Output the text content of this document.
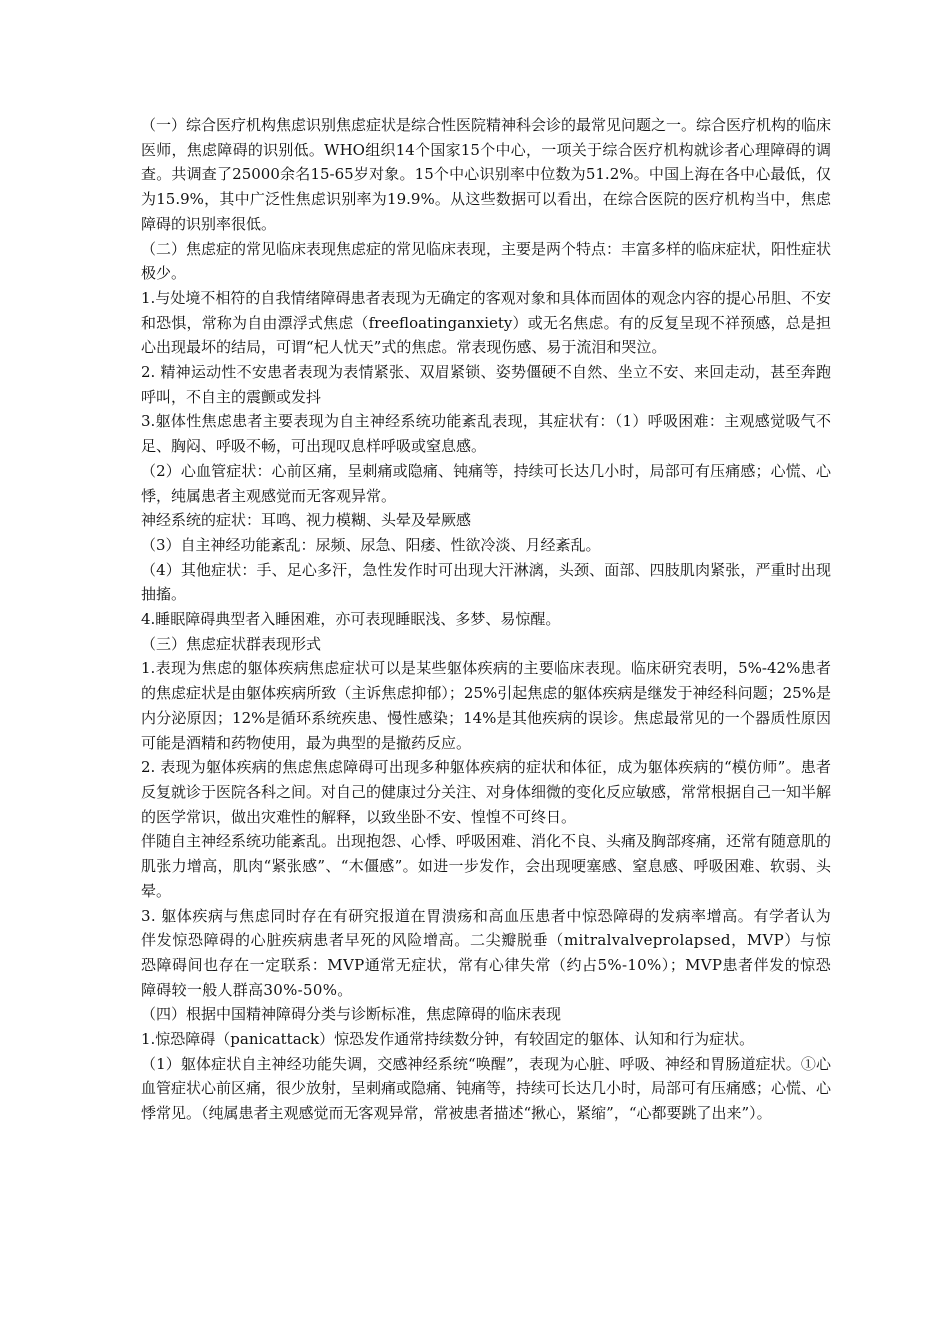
（一）综合医疗机构焦虑识别焦虑症状是综合性医院精神科会诊的最常见问题之一。综合医疗机构的临床医师，焦虑障碍的识别低。WHO组织14个国家15个中心，一项关于综合医疗机构就诊者心理障碍的调查。共调查了25000余名15-65岁对象。15个中心识别率中位数为51.2%。中国上海在各中心最低，仅为15.9%，其中广泛性焦虑识别率为19.9%。从这些数据可以看出，在综合医院的医疗机构当中，焦虑障碍的识别率很低。

（二）焦虑症的常见临床表现焦虑症的常见临床表现，主要是两个特点：丰富多样的临床症状，阳性症状极少。

1.与处境不相符的自我情绪障碍患者表现为无确定的客观对象和具体而固体的观念内容的提心吊胆、不安和恐惧，常称为自由漂浮式焦虑（freefloatinganxiety）或无名焦虑。有的反复呈现不祥预感，总是担心出现最坏的结局，可谓“杞人忧天”式的焦虑。常表现伤感、易于流泪和哭泣。

2. 精神运动性不安患者表现为表情紧张、双眉紧锁、姿势僵硬不自然、坐立不安、来回走动，甚至奔跑呼叫，不自主的震颤或发抖

3.躯体性焦虑患者主要表现为自主神经系统功能紊乱表现，其症状有：（1）呼吸困难：主观感觉吸气不足、胸闷、呼吸不畅，可出现叹息样呼吸或窒息感。

（2）心血管症状：心前区痛，呈刺痛或隐痛、钝痛等，持续可长达几小时，局部可有压痛感；心慌、心悸，纯属患者主观感觉而无客观异常。

神经系统的症状：耳鸣、视力模糊、头晕及晕厥感

（3）自主神经功能紊乱：尿频、尿急、阳痿、性欲冷淡、月经紊乱。

（4）其他症状：手、足心多汗，急性发作时可出现大汗淋漓，头颈、面部、四肢肌肉紧张，严重时出现抽搐。

4.睡眠障碍典型者入睡困难，亦可表现睡眠浅、多梦、易惊醒。

（三）焦虑症状群表现形式

1.表现为焦虑的躯体疾病焦虑症状可以是某些躯体疾病的主要临床表现。临床研究表明，5%-42%患者的焦虑症状是由躯体疾病所致（主诉焦虑抑郁）；25%引起焦虑的躯体疾病是继发于神经科问题；25%是内分泌原因；12%是循环系统疾患、慢性感染；14%是其他疾病的误诊。焦虑最常见的一个器质性原因可能是酒精和药物使用，最为典型的是撤药反应。

2. 表现为躯体疾病的焦虑焦虑障碍可出现多种躯体疾病的症状和体征，成为躯体疾病的“模仿师”。患者反复就诊于医院各科之间。对自己的健康过分关注、对身体细微的变化反应敏感，常常根据自己一知半解的医学常识，做出灾难性的解释，以致坐卧不安、惶惶不可终日。

伴随自主神经系统功能紊乱。出现抱怨、心悸、呼吸困难、消化不良、头痛及胸部疼痛，还常有随意肌的肌张力增高，肌肉“紧张感”、“木僵感”。如进一步发作，会出现哽塞感、窒息感、呼吸困难、软弱、头晕。

3. 躯体疾病与焦虑同时存在有研究报道在胃溃疡和高血压患者中惊恐障碍的发病率增高。有学者认为伴发惊恐障碍的心脏疾病患者早死的风险增高。二尖瓣脱垂（mitralvalveprolapsed，MVP）与惊恐障碍间也存在一定联系：MVP通常无症状，常有心律失常（约占5%-10%）；MVP患者伴发的惊恐障碍较一般人群高30%-50%。

（四）根据中国精神障碍分类与诊断标准，焦虑障碍的临床表现

1.惊恐障碍（panicattack）惊恐发作通常持续数分钟，有较固定的躯体、认知和行为症状。

（1）躯体症状自主神经功能失调，交感神经系统“唤醒”，表现为心脏、呼吸、神经和胃肠道症状。①心血管症状心前区痛，很少放射，呈刺痛或隐痛、钝痛等，持续可长达几小时，局部可有压痛感；心慌、心悸常见。（纯属患者主观感觉而无客观异常，常被患者描述“揪心，紧缩”，“心都要跳了出来”）。
